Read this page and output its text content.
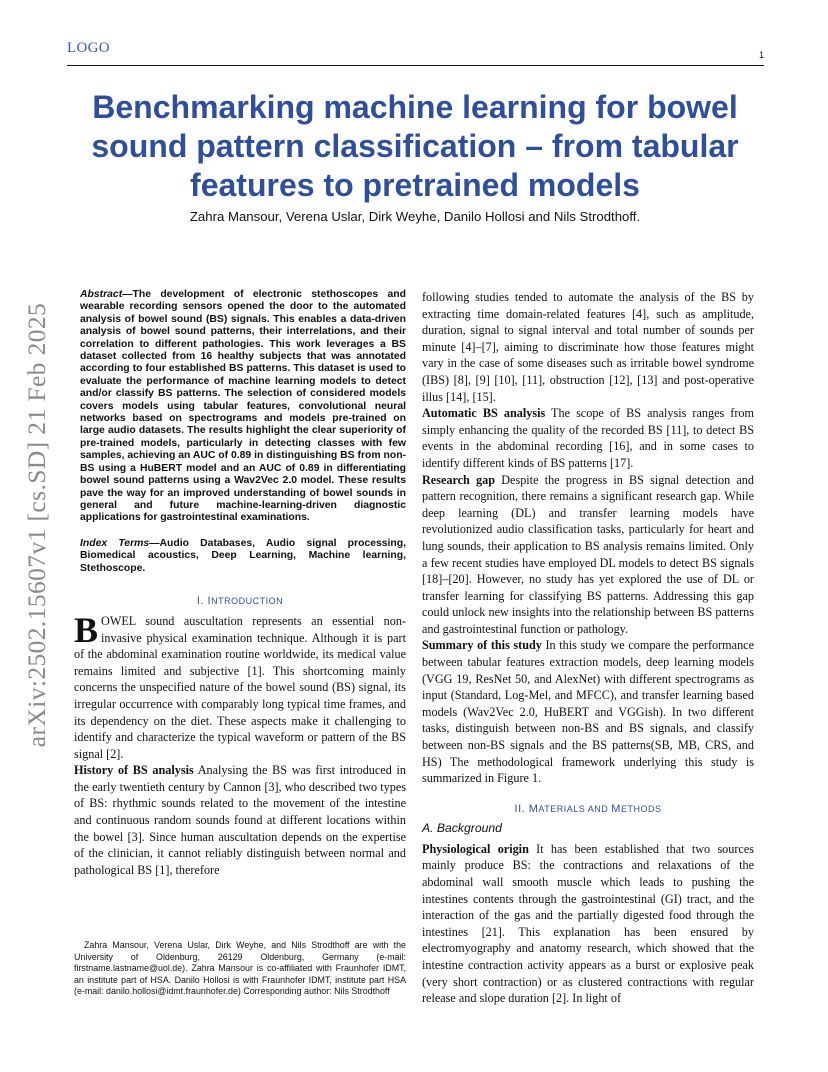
LOGO	1
arXiv:2502.15607v1 [cs.SD] 21 Feb 2025
Benchmarking machine learning for bowel sound pattern classification – from tabular features to pretrained models
Zahra Mansour, Verena Uslar, Dirk Weyhe, Danilo Hollosi and Nils Strodthoff.
Abstract—The development of electronic stethoscopes and wearable recording sensors opened the door to the automated analysis of bowel sound (BS) signals. This enables a data-driven analysis of bowel sound patterns, their interrelations, and their correlation to different pathologies. This work leverages a BS dataset collected from 16 healthy subjects that was annotated according to four established BS patterns. This dataset is used to evaluate the performance of machine learning models to detect and/or classify BS patterns. The selection of considered models covers models using tabular features, convolutional neural networks based on spectrograms and models pre-trained on large audio datasets. The results highlight the clear superiority of pre-trained models, particularly in detecting classes with few samples, achieving an AUC of 0.89 in distinguishing BS from non-BS using a HuBERT model and an AUC of 0.89 in differentiating bowel sound patterns using a Wav2Vec 2.0 model. These results pave the way for an improved understanding of bowel sounds in general and future machine-learning-driven diagnostic applications for gastrointestinal examinations.
Index Terms—Audio Databases, Audio signal processing, Biomedical acoustics, Deep Learning, Machine learning, Stethoscope.
I. INTRODUCTION

BOWEL sound auscultation represents an essential non-invasive physical examination technique. Although it is part of the abdominal examination routine worldwide, its medical value remains limited and subjective [1]. This shortcoming mainly concerns the unspecified nature of the bowel sound (BS) signal, its irregular occurrence with comparably long typical time frames, and its dependency on the diet. These aspects make it challenging to identify and characterize the typical waveform or pattern of the BS signal [2].

History of BS analysis Analysing the BS was first introduced in the early twentieth century by Cannon [3], who described two types of BS: rhythmic sounds related to the movement of the intestine and continuous random sounds found at different locations within the bowel [3]. Since human auscultation depends on the expertise of the clinician, it cannot reliably distinguish between normal and pathological BS [1], therefore

Zahra Mansour, Verena Uslar, Dirk Weyhe, and Nils Strodthoff are with the University of Oldenburg, 26129 Oldenburg, Germany (e-mail: firstname.lastname@uol.de). Zahra Mansour is co-affiliated with Fraunhofer IDMT, an institute part of HSA. Danilo Hollosi is with Fraunhofer IDMT, institute part HSA (e-mail: danilo.hollosi@idmt.fraunhofer.de) Corresponding author: Nils Strodthoff

following studies tended to automate the analysis of the BS by extracting time domain-related features [4], such as amplitude, duration, signal to signal interval and total number of sounds per minute [4]–[7], aiming to discriminate how those features might vary in the case of some diseases such as irritable bowel syndrome (IBS) [8], [9] [10], [11], obstruction [12], [13] and post-operative illus [14], [15].

Automatic BS analysis The scope of BS analysis ranges from simply enhancing the quality of the recorded BS [11], to detect BS events in the abdominal recording [16], and in some cases to identify different kinds of BS patterns [17].

Research gap Despite the progress in BS signal detection and pattern recognition, there remains a significant research gap. While deep learning (DL) and transfer learning models have revolutionized audio classification tasks, particularly for heart and lung sounds, their application to BS analysis remains limited. Only a few recent studies have employed DL models to detect BS signals [18]–[20]. However, no study has yet explored the use of DL or transfer learning for classifying BS patterns. Addressing this gap could unlock new insights into the relationship between BS patterns and gastrointestinal function or pathology.

Summary of this study In this study we compare the performance between tabular features extraction models, deep learning models (VGG 19, ResNet 50, and AlexNet) with different spectrograms as input (Standard, Log-Mel, and MFCC), and transfer learning based models (Wav2Vec 2.0, HuBERT and VGGish). In two different tasks, distinguish between non-BS and BS signals, and classify between non-BS signals and the BS patterns(SB, MB, CRS, and HS) The methodological framework underlying this study is summarized in Figure 1.

II. MATERIALS AND METHODS
A. Background

Physiological origin It has been established that two sources mainly produce BS: the contractions and relaxations of the abdominal wall smooth muscle which leads to pushing the intestines contents through the gastrointestinal (GI) tract, and the interaction of the gas and the partially digested food through the intestines [21]. This explanation has been ensured by electromyography and anatomy research, which showed that the intestine contraction activity appears as a burst or explosive peak (very short contraction) or as clustered contractions with regular release and slope duration [2]. In light of
